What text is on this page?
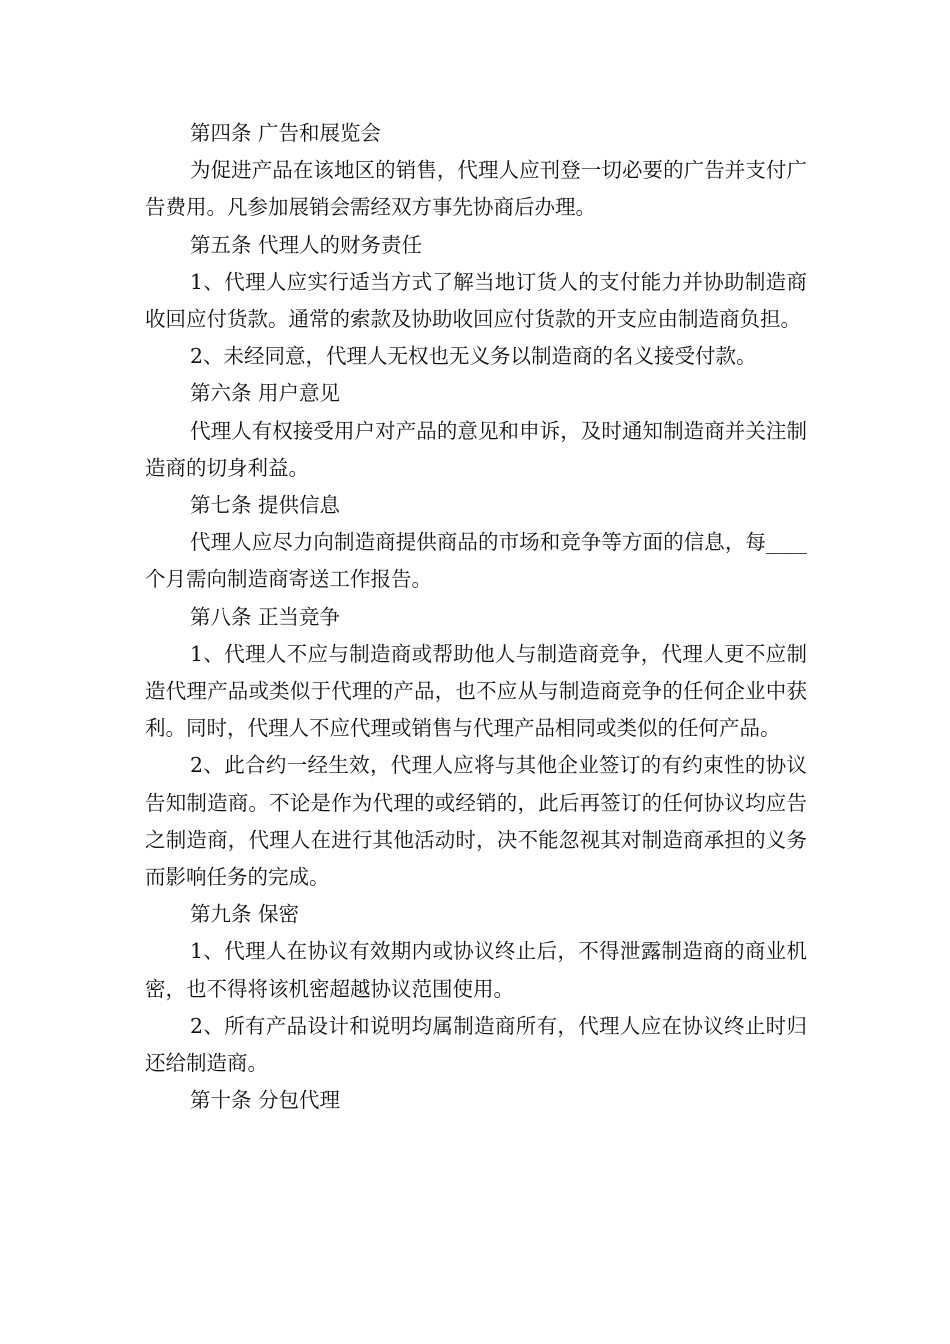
第四条 广告和展览会

为促进产品在该地区的销售，代理人应刊登一切必要的广告并支付广告费用。凡参加展销会需经双方事先协商后办理。

第五条 代理人的财务责任

1、代理人应实行适当方式了解当地订货人的支付能力并协助制造商收回应付货款。通常的索款及协助收回应付货款的开支应由制造商负担。

2、未经同意，代理人无权也无义务以制造商的名义接受付款。

第六条 用户意见

代理人有权接受用户对产品的意见和申诉，及时通知制造商并关注制造商的切身利益。

第七条 提供信息

代理人应尽力向制造商提供商品的市场和竞争等方面的信息，每____个月需向制造商寄送工作报告。

第八条 正当竞争

1、代理人不应与制造商或帮助他人与制造商竞争，代理人更不应制造代理产品或类似于代理的产品，也不应从与制造商竞争的任何企业中获利。同时，代理人不应代理或销售与代理产品相同或类似的任何产品。

2、此合约一经生效，代理人应将与其他企业签订的有约束性的协议告知制造商。不论是作为代理的或经销的，此后再签订的任何协议均应告之制造商，代理人在进行其他活动时，决不能忽视其对制造商承担的义务而影响任务的完成。

第九条 保密

1、代理人在协议有效期内或协议终止后，不得泄露制造商的商业机密，也不得将该机密超越协议范围使用。

2、所有产品设计和说明均属制造商所有，代理人应在协议终止时归还给制造商。

第十条 分包代理
